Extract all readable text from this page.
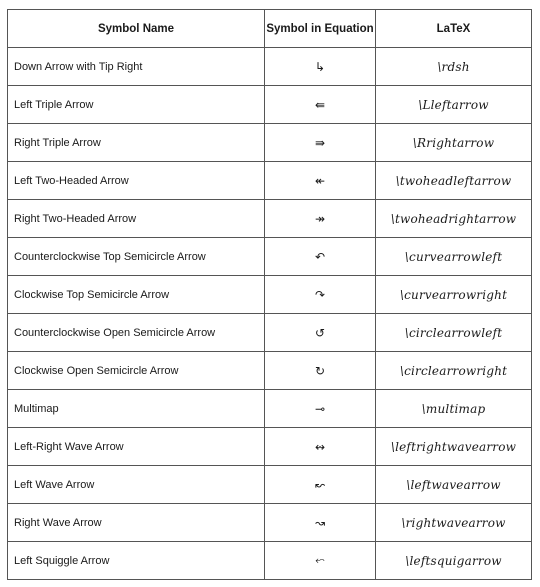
Symbol Name	Symbol in Equation	LaTeX
Down Arrow with Tip Right	↳	\rdsh
Left Triple Arrow	⇚	\Lleftarrow
Right Triple Arrow	⇛	\Rrightarrow
Left Two-Headed Arrow	↞	\twoheadleftarrow
Right Two-Headed Arrow	↠	\twoheadrightarrow
Counterclockwise Top Semicircle Arrow	↶	\curvearrowleft
Clockwise Top Semicircle Arrow	↷	\curvearrowright
Counterclockwise Open Semicircle Arrow	↺	\circlearrowleft
Clockwise Open Semicircle Arrow	↻	\circlearrowright
Multimap	⊸	\multimap
Left-Right Wave Arrow	↭	\leftrightwavearrow
Left Wave Arrow	↜	\leftwavearrow
Right Wave Arrow	↝	\rightwavearrow
Left Squiggle Arrow	⬿	\leftsquigarrow
